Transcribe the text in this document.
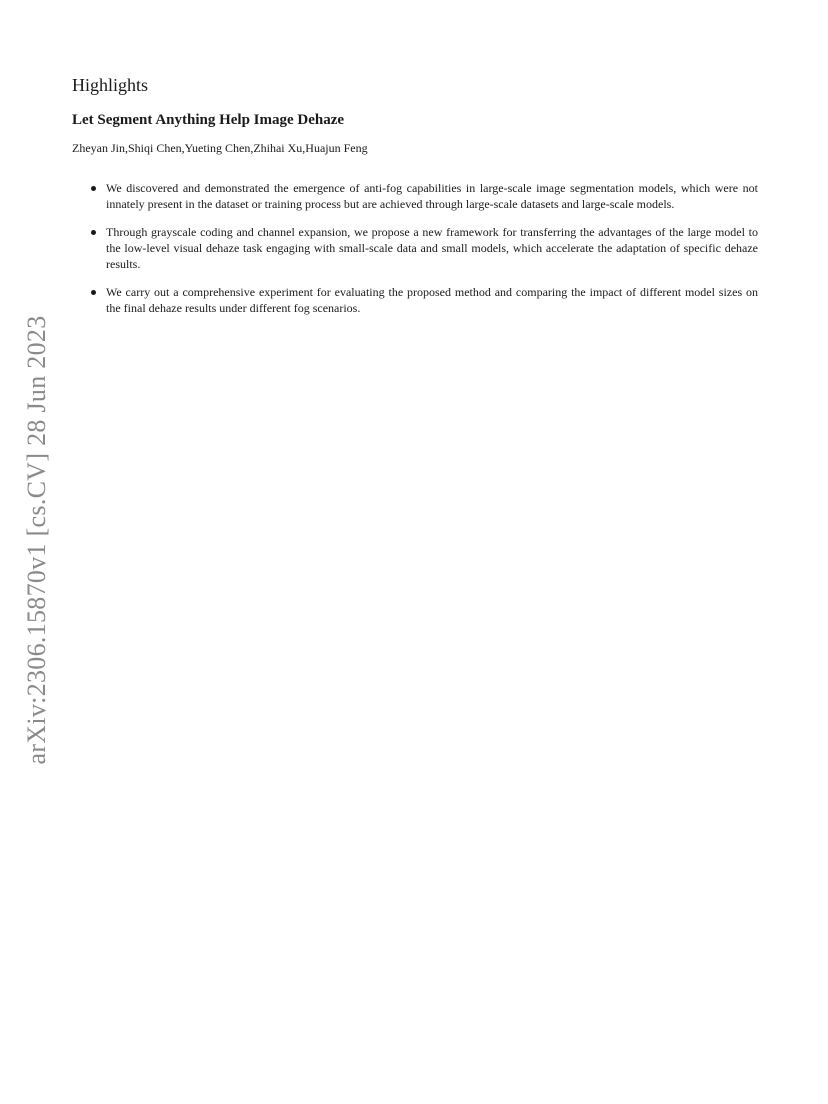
arXiv:2306.15870v1 [cs.CV] 28 Jun 2023
Highlights
Let Segment Anything Help Image Dehaze
Zheyan Jin,Shiqi Chen,Yueting Chen,Zhihai Xu,Huajun Feng
We discovered and demonstrated the emergence of anti-fog capabilities in large-scale image segmentation models, which were not innately present in the dataset or training process but are achieved through large-scale datasets and large-scale models.
Through grayscale coding and channel expansion, we propose a new framework for transferring the advantages of the large model to the low-level visual dehaze task engaging with small-scale data and small models, which accelerate the adaptation of specific dehaze results.
We carry out a comprehensive experiment for evaluating the proposed method and comparing the impact of different model sizes on the final dehaze results under different fog scenarios.
